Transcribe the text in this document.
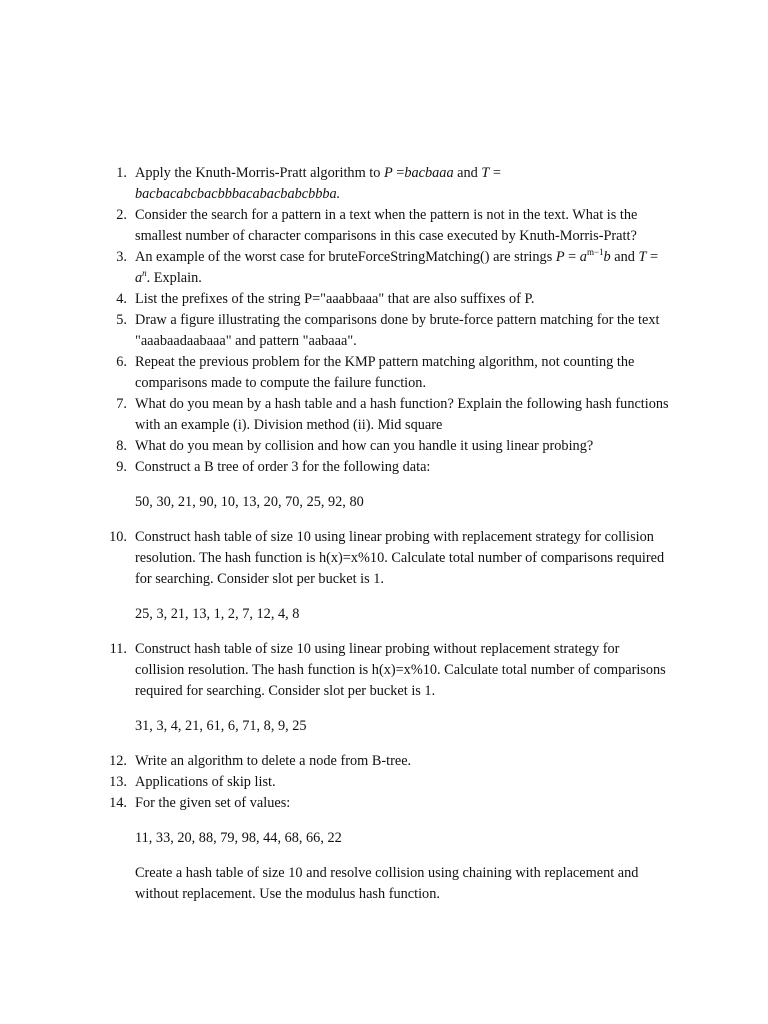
1. Apply the Knuth-Morris-Pratt algorithm to P =bacbaaa and T = bacbacabcbacbbbacabacbabcbbba.
2. Consider the search for a pattern in a text when the pattern is not in the text. What is the smallest number of character comparisons in this case executed by Knuth-Morris-Pratt?
3. An example of the worst case for bruteForceStringMatching() are strings $P = a^{m-1}b$ and $T = a^n$. Explain.
4. List the prefixes of the string P="aaabbaaa" that are also suffixes of P.
5. Draw a figure illustrating the comparisons done by brute-force pattern matching for the text "aaabaadaabaaa" and pattern "aabaaa".
6. Repeat the previous problem for the KMP pattern matching algorithm, not counting the comparisons made to compute the failure function.
7. What do you mean by a hash table and a hash function? Explain the following hash functions with an example (i). Division method (ii). Mid square
8. What do you mean by collision and how can you handle it using linear probing?
9. Construct a B tree of order 3 for the following data:
50, 30, 21, 90, 10, 13, 20, 70, 25, 92, 80
10. Construct hash table of size 10 using linear probing with replacement strategy for collision resolution. The hash function is h(x)=x%10. Calculate total number of comparisons required for searching. Consider slot per bucket is 1.
25, 3, 21, 13, 1, 2, 7, 12, 4, 8
11. Construct hash table of size 10 using linear probing without replacement strategy for collision resolution. The hash function is h(x)=x%10. Calculate total number of comparisons required for searching. Consider slot per bucket is 1.
31, 3, 4, 21, 61, 6, 71, 8, 9, 25
12. Write an algorithm to delete a node from B-tree.
13. Applications of skip list.
14. For the given set of values:
11, 33, 20, 88, 79, 98, 44, 68, 66, 22
Create a hash table of size 10 and resolve collision using chaining with replacement and without replacement. Use the modulus hash function.
